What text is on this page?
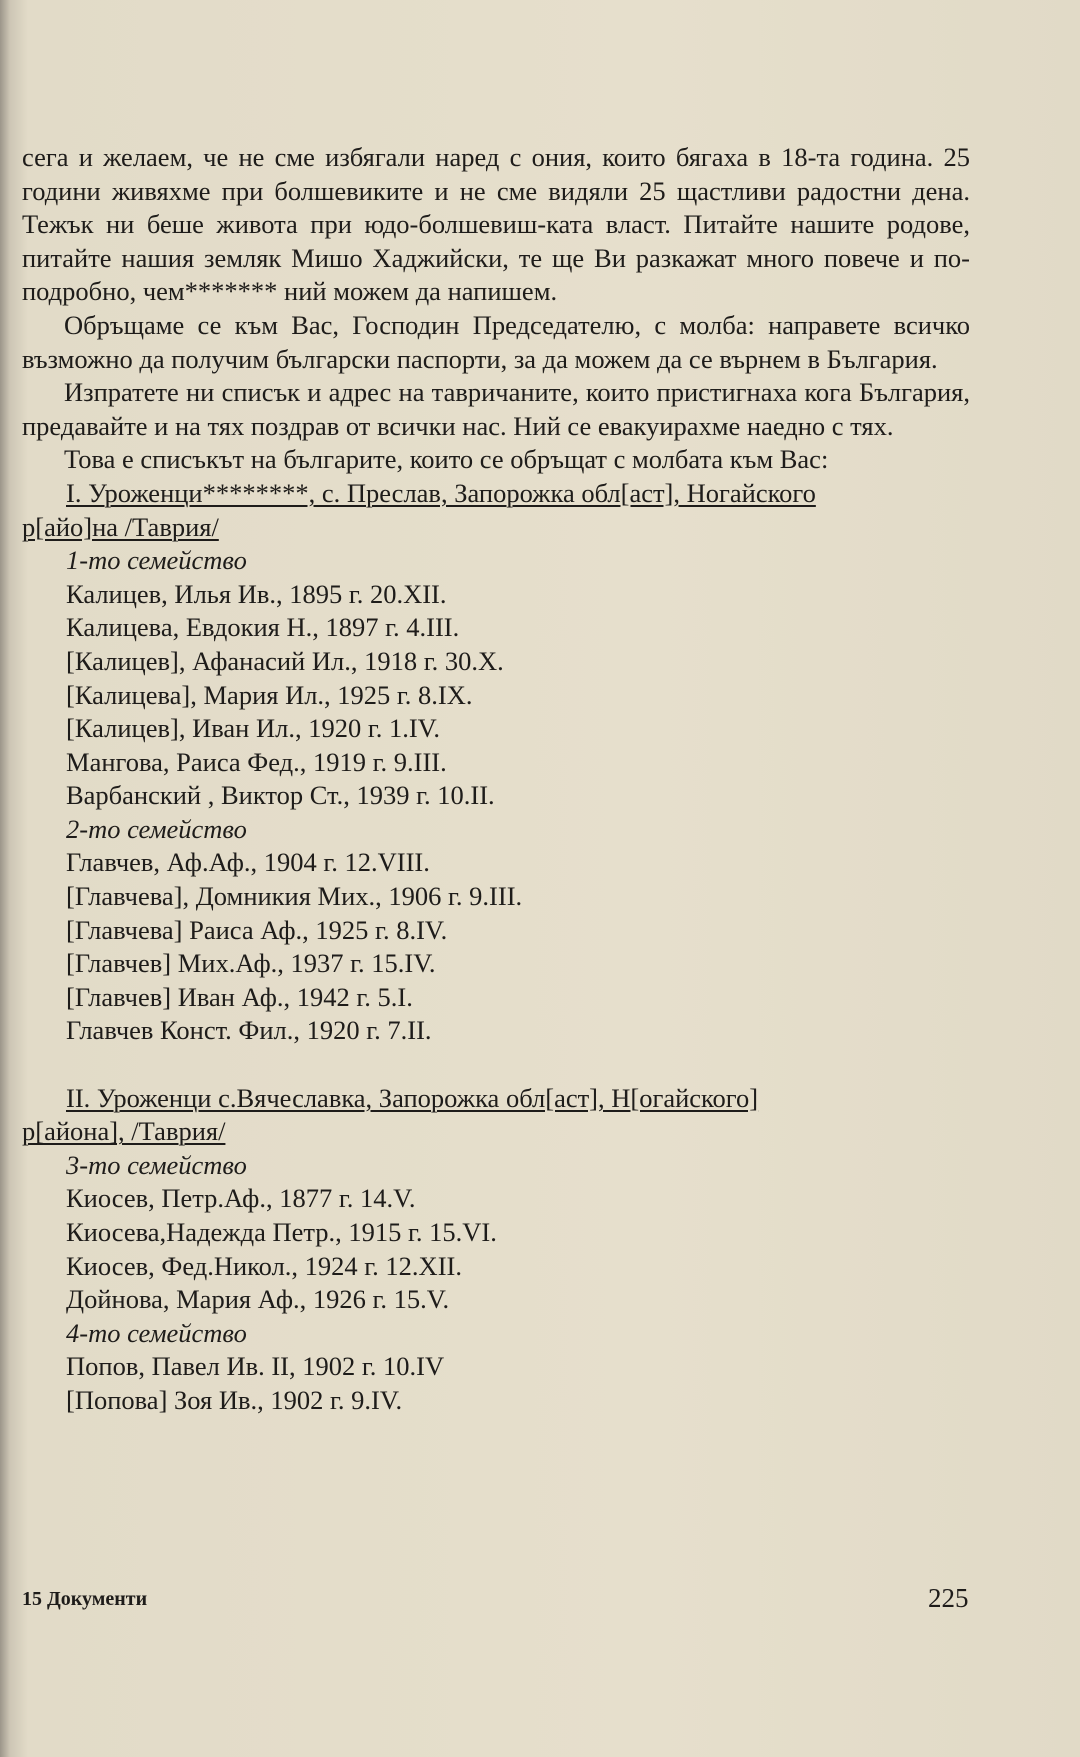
сега и желаем, че не сме избягали наред с ония, които бягаха в 18-та година. 25 години живяхме при болшевиките и не сме видяли 25 щастливи радостни дена. Тежък ни беше живота при юдо-болшевиш-ката власт. Питайте нашите родове, питайте нашия земляк Мишо Хаджийски, те ще Ви разкажат много повече и по-подробно, чем******* ний можем да напишем.

Обръщаме се към Вас, Господин Председателю, с молба: направете всичко възможно да получим български паспорти, за да можем да се върнем в България.

Изпратете ни списък и адрес на тавричаните, които пристигнаха кога България, предавайте и на тях поздрав от всички нас. Ний се евакуирахме наедно с тях.

Това е списъкът на българите, които се обръщат с молбата към Вас:

I. Уроженци********, с. Преслав, Запорожка обл[аст], Ногайского
р[айо]на /Таврия/
1-то семейство
Калицев, Илья Ив., 1895 г. 20.XII.
Калицева, Евдокия Н., 1897 г. 4.III.
[Калицев], Афанасий Ил., 1918 г. 30.X.
[Калицева], Мария Ил., 1925 г. 8.IX.
[Калицев], Иван Ил., 1920 г. 1.IV.
Мангова, Раиса Фед., 1919 г. 9.III.
Варбанский , Виктор Ст., 1939 г. 10.II.
2-то семейство
Главчев, Аф.Аф., 1904 г. 12.VIII.
[Главчева], Домникия Мих., 1906 г. 9.III.
[Главчева] Раиса Аф., 1925 г. 8.IV.
[Главчев] Мих.Аф., 1937 г. 15.IV.
[Главчев] Иван Аф., 1942 г. 5.I.
Главчев Конст. Фил., 1920 г. 7.II.
II. Уроженци с.Вячеславка, Запорожка обл[аст], Н[огайского]
р[айона], /Таврия/
3-то семейство
Киосев, Петр.Аф., 1877 г. 14.V.
Киосева,Надежда Петр., 1915 г. 15.VI.
Киосев, Фед.Никол., 1924 г. 12.XII.
Дойнова, Мария Аф., 1926 г. 15.V.
4-то семейство
Попов, Павел Ив. II, 1902 г. 10.IV
[Попова] Зоя Ив., 1902 г. 9.IV.
15 Документи	225
